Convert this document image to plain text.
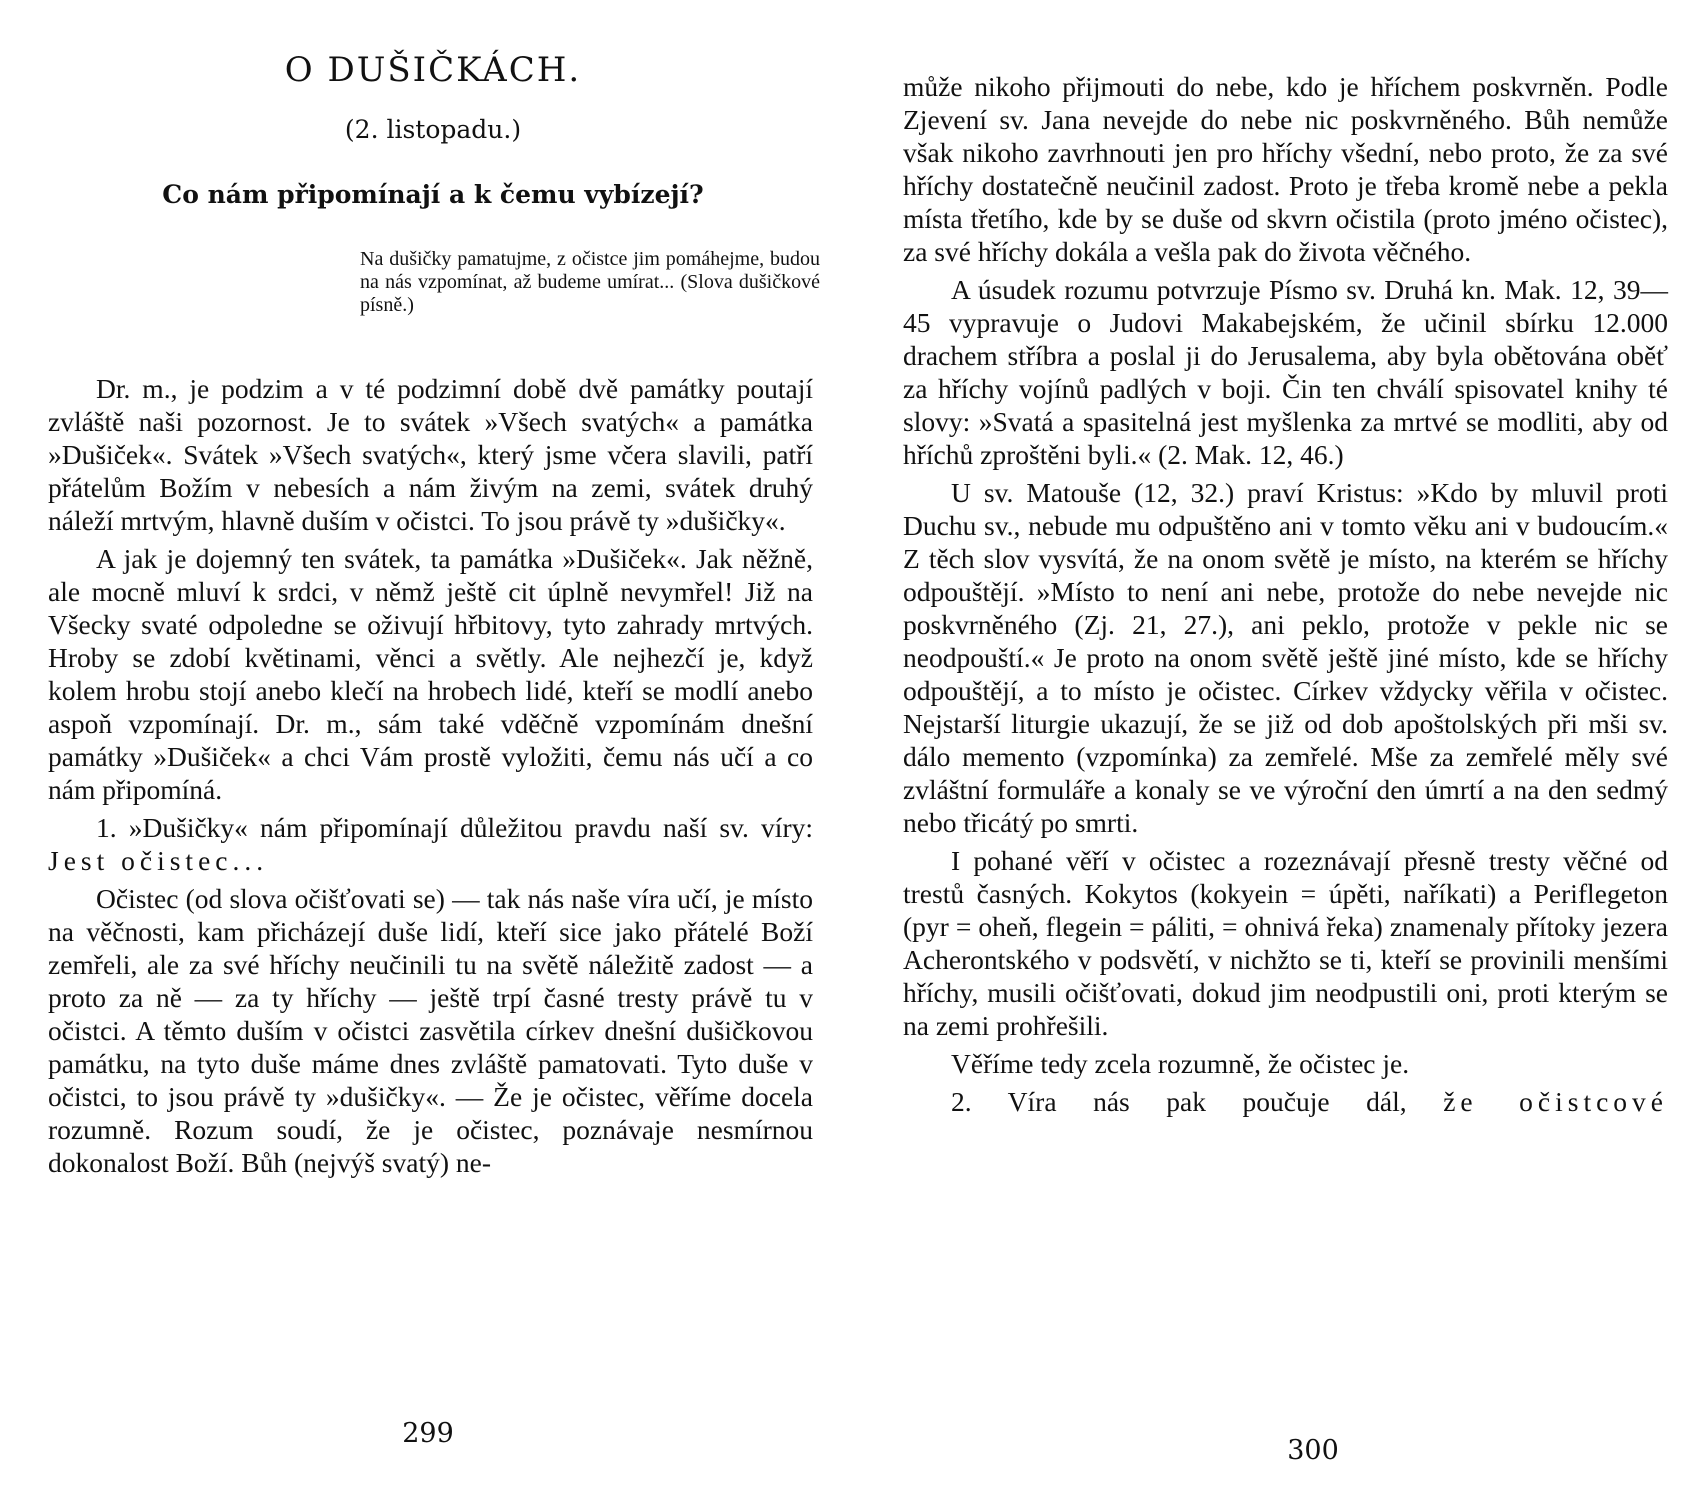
O DUŠIČKÁCH.
(2. listopadu.)
Co nám připomínají a k čemu vybízejí?

Na dušičky pamatujme, z očistce jim pomáhejme, budou na nás vzpomínat, až budeme umírat... (Slova dušičkové písně.)

Dr. m., je podzim a v té podzimní době dvě památky poutají zvláště naši pozornost. Je to svátek »Všech svatých« a památka »Dušiček«. Svátek »Všech svatých«, který jsme včera slavili, patří přátelům Božím v nebesích a nám živým na zemi, svátek druhý náleží mrtvým, hlavně duším v očistci. To jsou právě ty »dušičky«.

A jak je dojemný ten svátek, ta památka »Dušiček«. Jak něžně, ale mocně mluví k srdci, v němž ještě cit úplně nevymřel! Již na Všecky svaté odpoledne se oživují hřbitovy, tyto zahrady mrtvých. Hroby se zdobí květinami, věnci a světly. Ale nejhezčí je, když kolem hrobu stojí anebo klečí na hrobech lidé, kteří se modlí anebo aspoň vzpomínají. Dr. m., sám také vděčně vzpomínám dnešní památky »Dušiček« a chci Vám prostě vyložiti, čemu nás učí a co nám připomíná.

1. »Dušičky« nám připomínají důležitou pravdu naší sv. víry: Jest očistec...

Očistec (od slova očišťovati se) — tak nás naše víra učí, je místo na věčnosti, kam přicházejí duše lidí, kteří sice jako přátelé Boží zemřeli, ale za své hříchy neučinili tu na světě náležitě zadost — a proto za ně — za ty hříchy — ještě trpí časné tresty právě tu v očistci. A těmto duším v očistci zasvětila církev dnešní dušičkovou památku, na tyto duše máme dnes zvláště pamatovati. Tyto duše v očistci, to jsou právě ty »dušičky«. — Že je očistec, věříme docela rozumně. Rozum soudí, že je očistec, poznávaje nesmírnou dokonalost Boží. Bůh (nejvýš svatý) ne-

299

může nikoho přijmouti do nebe, kdo je hříchem poskvrněn. Podle Zjevení sv. Jana nevejde do nebe nic poskvrněného. Bůh nemůže však nikoho zavrhnouti jen pro hříchy všední, nebo proto, že za své hříchy dostatečně neučinil zadost. Proto je třeba kromě nebe a pekla místa třetího, kde by se duše od skvrn očistila (proto jméno očistec), za své hříchy dokála a vešla pak do života věčného.

A úsudek rozumu potvrzuje Písmo sv. Druhá kn. Mak. 12, 39—45 vypravuje o Judovi Makabejském, že učinil sbírku 12.000 drachem stříbra a poslal ji do Jerusalema, aby byla obětována oběť za hříchy vojínů padlých v boji. Čin ten chválí spisovatel knihy té slovy: »Svatá a spasitelná jest myšlenka za mrtvé se modliti, aby od hříchů zproštěni byli.« (2. Mak. 12, 46.)

U sv. Matouše (12, 32.) praví Kristus: »Kdo by mluvil proti Duchu sv., nebude mu odpuštěno ani v tomto věku ani v budoucím.« Z těch slov vysvítá, že na onom světě je místo, na kterém se hříchy odpouštějí. »Místo to není ani nebe, protože do nebe nevejde nic poskvrněného (Zj. 21, 27.), ani peklo, protože v pekle nic se neodpouští.« Je proto na onom světě ještě jiné místo, kde se hříchy odpouštějí, a to místo je očistec. Církev vždycky věřila v očistec. Nejstarší liturgie ukazují, že se již od dob apoštolských při mši sv. dálo memento (vzpomínka) za zemřelé. Mše za zemřelé měly své zvláštní formuláře a konaly se ve výroční den úmrtí a na den sedmý nebo třicátý po smrti.

I pohané věří v očistec a rozeznávají přesně tresty věčné od trestů časných. Kokytos (kokyein = úpěti, naříkati) a Periflegeton (pyr = oheň, flegein = páliti, = ohnivá řeka) znamenaly přítoky jezera Acherontského v podsvětí, v nichžto se ti, kteří se provinili menšími hříchy, musili očišťovati, dokud jim neodpustili oni, proti kterým se na zemi prohřešili.

Věříme tedy zcela rozumně, že očistec je.

2. Víra nás pak poučuje dál, že očistcové

300
